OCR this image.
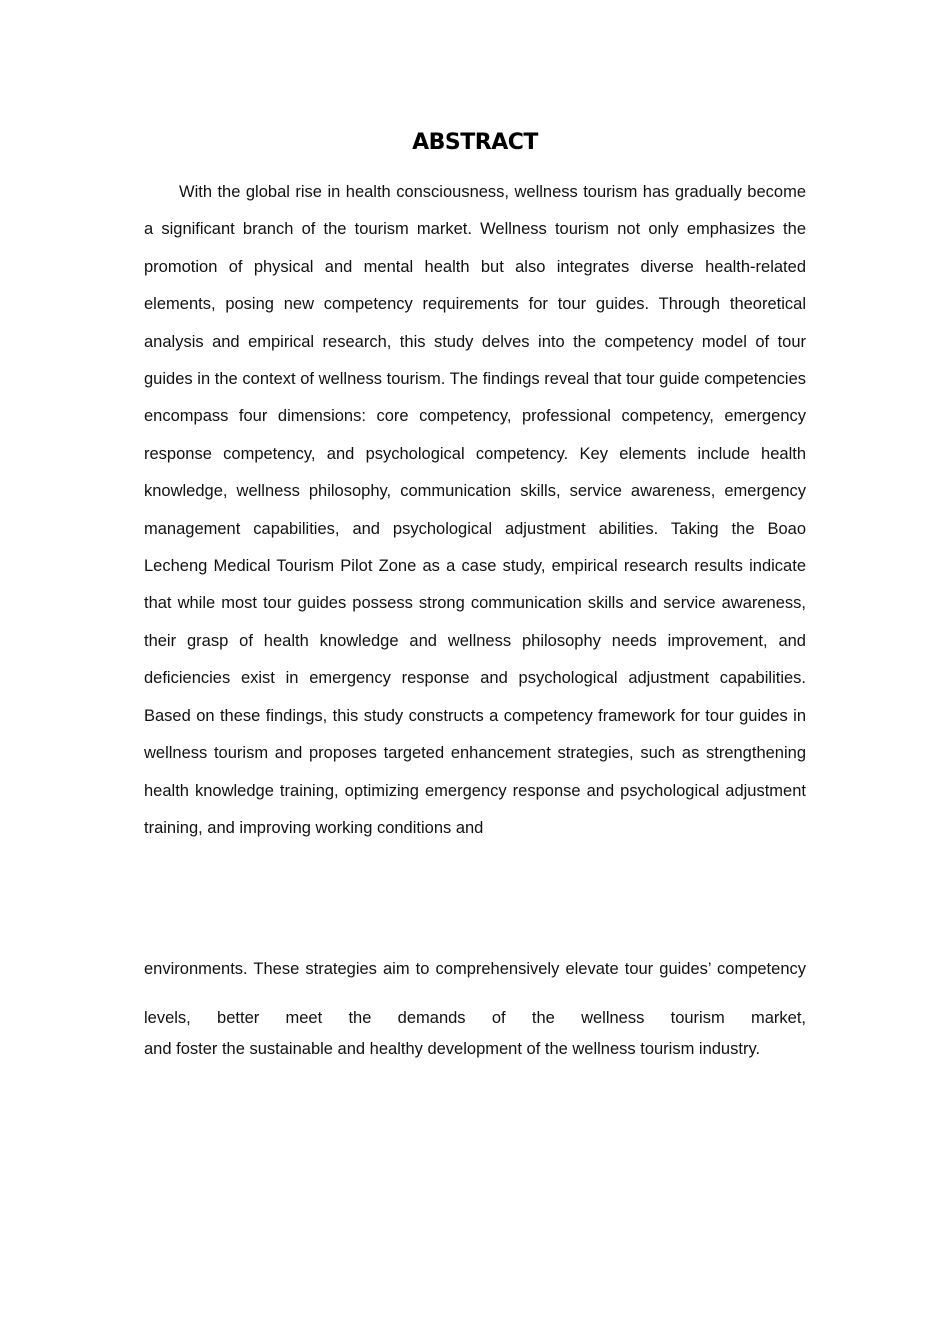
ABSTRACT

With the global rise in health consciousness, wellness tourism has gradually become a significant branch of the tourism market. Wellness tourism not only emphasizes the promotion of physical and mental health but also integrates diverse health-related elements, posing new competency requirements for tour guides. Through theoretical analysis and empirical research, this study delves into the competency model of tour guides in the context of wellness tourism. The findings reveal that tour guide competencies encompass four dimensions: core competency, professional competency, emergency response competency, and psychological competency. Key elements include health knowledge, wellness philosophy, communication skills, service awareness, emergency management capabilities, and psychological adjustment abilities. Taking the Boao Lecheng Medical Tourism Pilot Zone as a case study, empirical research results indicate that while most tour guides possess strong communication skills and service awareness, their grasp of health knowledge and wellness philosophy needs improvement, and deficiencies exist in emergency response and psychological adjustment capabilities. Based on these findings, this study constructs a competency framework for tour guides in wellness tourism and proposes targeted enhancement strategies, such as strengthening health knowledge training, optimizing emergency response and psychological adjustment training, and improving working conditions and

environments. These strategies aim to comprehensively elevate tour guides’ competency levels, better meet the demands of the wellness tourism market,

and foster the sustainable and healthy development of the wellness tourism industry.
